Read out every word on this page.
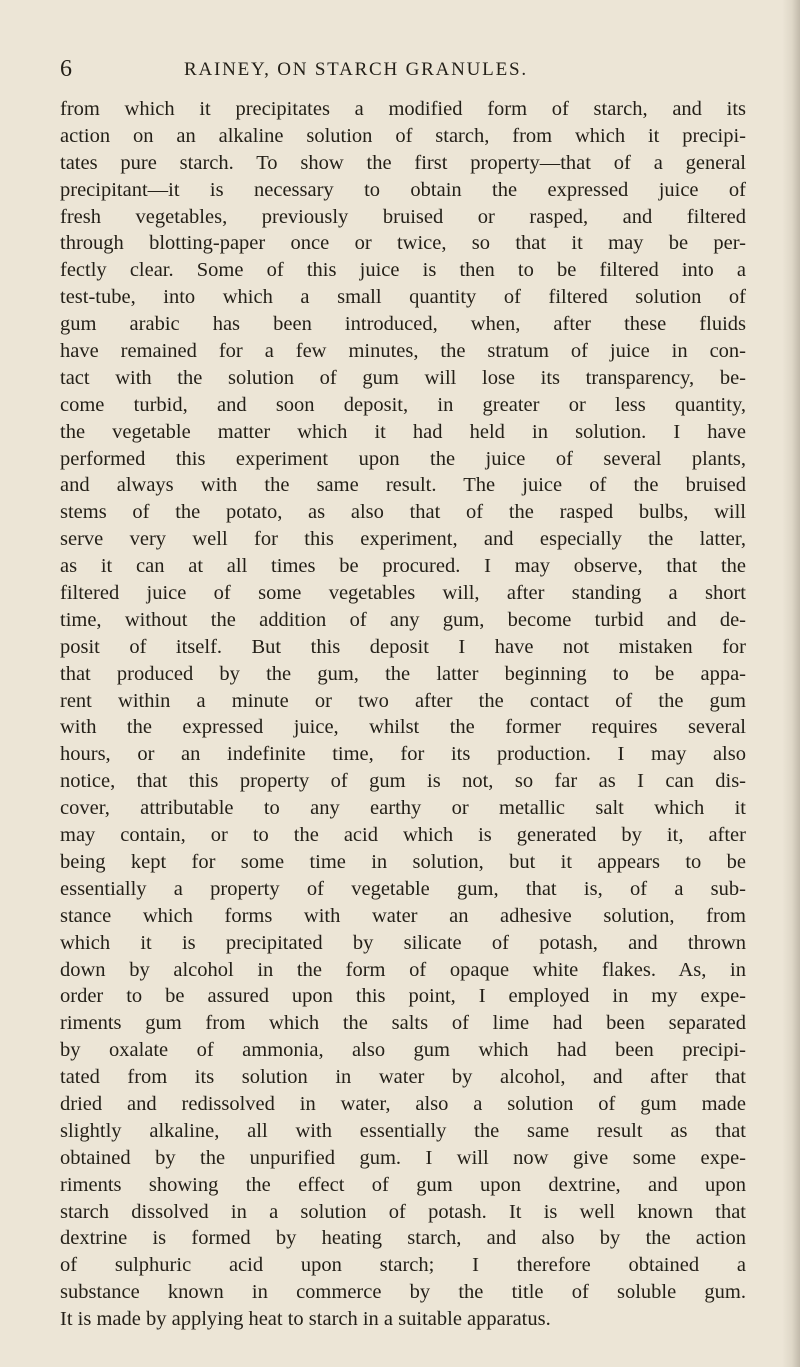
6	RAINEY, ON STARCH GRANULES.
from which it precipitates a modified form of starch, and its
action on an alkaline solution of starch, from which it precipi-
tates pure starch. To show the first property—that of a general
precipitant—it is necessary to obtain the expressed juice of
fresh vegetables, previously bruised or rasped, and filtered
through blotting-paper once or twice, so that it may be per-
fectly clear. Some of this juice is then to be filtered into a
test-tube, into which a small quantity of filtered solution of
gum arabic has been introduced, when, after these fluids
have remained for a few minutes, the stratum of juice in con-
tact with the solution of gum will lose its transparency, be-
come turbid, and soon deposit, in greater or less quantity,
the vegetable matter which it had held in solution. I have
performed this experiment upon the juice of several plants,
and always with the same result. The juice of the bruised
stems of the potato, as also that of the rasped bulbs, will
serve very well for this experiment, and especially the latter,
as it can at all times be procured. I may observe, that the
filtered juice of some vegetables will, after standing a short
time, without the addition of any gum, become turbid and de-
posit of itself. But this deposit I have not mistaken for
that produced by the gum, the latter beginning to be appa-
rent within a minute or two after the contact of the gum
with the expressed juice, whilst the former requires several
hours, or an indefinite time, for its production. I may also
notice, that this property of gum is not, so far as I can dis-
cover, attributable to any earthy or metallic salt which it
may contain, or to the acid which is generated by it, after
being kept for some time in solution, but it appears to be
essentially a property of vegetable gum, that is, of a sub-
stance which forms with water an adhesive solution, from
which it is precipitated by silicate of potash, and thrown
down by alcohol in the form of opaque white flakes. As, in
order to be assured upon this point, I employed in my expe-
riments gum from which the salts of lime had been separated
by oxalate of ammonia, also gum which had been precipi-
tated from its solution in water by alcohol, and after that
dried and redissolved in water, also a solution of gum made
slightly alkaline, all with essentially the same result as that
obtained by the unpurified gum. I will now give some expe-
riments showing the effect of gum upon dextrine, and upon
starch dissolved in a solution of potash. It is well known that
dextrine is formed by heating starch, and also by the action
of sulphuric acid upon starch; I therefore obtained a
substance known in commerce by the title of soluble gum.
It is made by applying heat to starch in a suitable apparatus.
